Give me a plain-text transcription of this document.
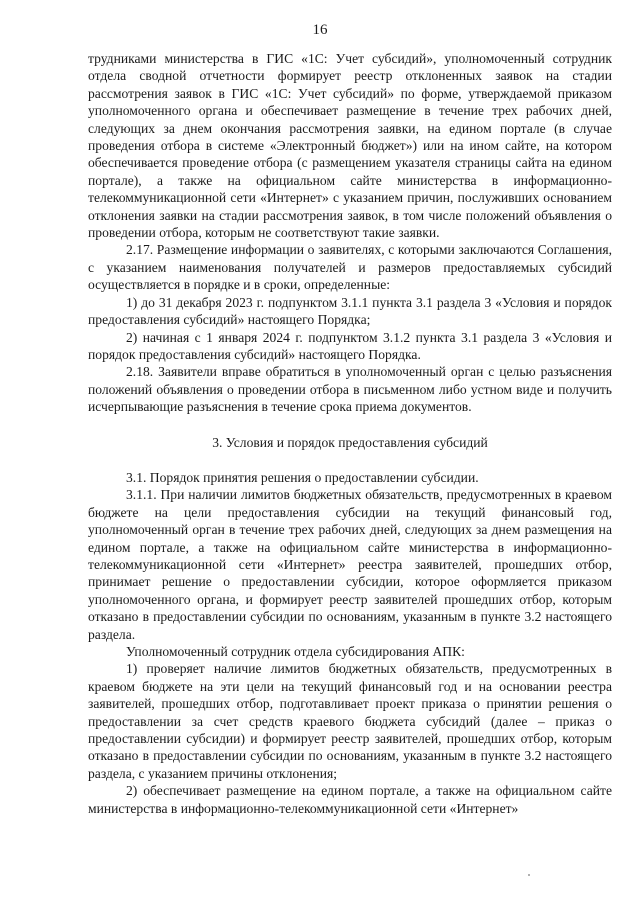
16

трудниками министерства в ГИС «1С: Учет субсидий», уполномоченный сотрудник отдела сводной отчетности формирует реестр отклоненных заявок на стадии рассмотрения заявок в ГИС «1С: Учет субсидий» по форме, утверждаемой приказом уполномоченного органа и обеспечивает размещение в течение трех рабочих дней, следующих за днем окончания рассмотрения заявки, на едином портале (в случае проведения отбора в системе «Электронный бюджет») или на ином сайте, на котором обеспечивается проведение отбора (с размещением указателя страницы сайта на едином портале), а также на официальном сайте министерства в информационно-телекоммуникационной сети «Интернет» с указанием причин, послуживших основанием отклонения заявки на стадии рассмотрения заявок, в том числе положений объявления о проведении отбора, которым не соответствуют такие заявки.

2.17. Размещение информации о заявителях, с которыми заключаются Соглашения, с указанием наименования получателей и размеров предоставляемых субсидий осуществляется в порядке и в сроки, определенные:

1) до 31 декабря 2023 г. подпунктом 3.1.1 пункта 3.1 раздела 3 «Условия и порядок предоставления субсидий» настоящего Порядка;

2) начиная с 1 января 2024 г. подпунктом 3.1.2 пункта 3.1 раздела 3 «Условия и порядок предоставления субсидий» настоящего Порядка.

2.18. Заявители вправе обратиться в уполномоченный орган с целью разъяснения положений объявления о проведении отбора в письменном либо устном виде и получить исчерпывающие разъяснения в течение срока приема документов.

3. Условия и порядок предоставления субсидий

3.1. Порядок принятия решения о предоставлении субсидии.

3.1.1. При наличии лимитов бюджетных обязательств, предусмотренных в краевом бюджете на цели предоставления субсидии на текущий финансовый год, уполномоченный орган в течение трех рабочих дней, следующих за днем размещения на едином портале, а также на официальном сайте министерства в информационно-телекоммуникационной сети «Интернет» реестра заявителей, прошедших отбор, принимает решение о предоставлении субсидии, которое оформляется приказом уполномоченного органа, и формирует реестр заявителей прошедших отбор, которым отказано в предоставлении субсидии по основаниям, указанным в пункте 3.2 настоящего раздела.

Уполномоченный сотрудник отдела субсидирования АПК:

1) проверяет наличие лимитов бюджетных обязательств, предусмотренных в краевом бюджете на эти цели на текущий финансовый год и на основании реестра заявителей, прошедших отбор, подготавливает проект приказа о принятии решения о предоставлении за счет средств краевого бюджета субсидий (далее – приказ о предоставлении субсидии) и формирует реестр заявителей, прошедших отбор, которым отказано в предоставлении субсидии по основаниям, указанным в пункте 3.2 настоящего раздела, с указанием причины отклонения;

2) обеспечивает размещение на едином портале, а также на официальном сайте министерства в информационно-телекоммуникационной сети «Интернет»
